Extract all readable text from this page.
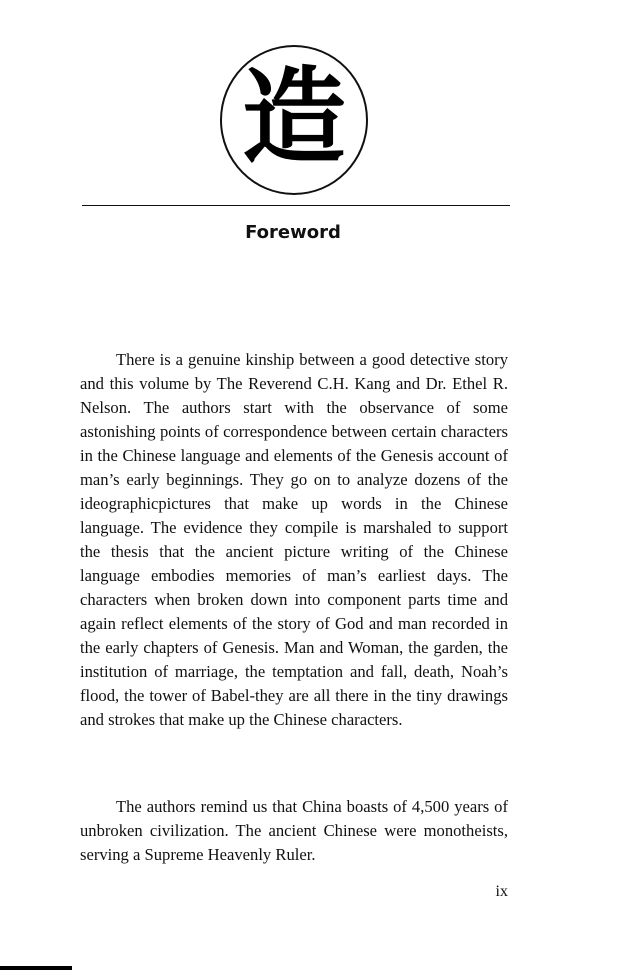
造
Foreword

There is a genuine kinship between a good detective story and this volume by The Reverend C.H. Kang and Dr. Ethel R. Nelson. The authors start with the observance of some astonishing points of correspondence between certain characters in the Chinese language and elements of the Genesis account of man’s early beginnings. They go on to analyze dozens of the ideographicpictures that make up words in the Chinese language. The evidence they compile is marshaled to support the thesis that the ancient picture writing of the Chinese language embodies memories of man’s earliest days. The characters when broken down into component parts time and again reflect elements of the story of God and man recorded in the early chapters of Genesis. Man and Woman, the garden, the institution of marriage, the temptation and fall, death, Noah’s flood, the tower of Babel-they are all there in the tiny drawings and strokes that make up the Chinese characters.

The authors remind us that China boasts of 4,500 years of unbroken civilization. The ancient Chinese were monotheists, serving a Supreme Heavenly Ruler.

ix
